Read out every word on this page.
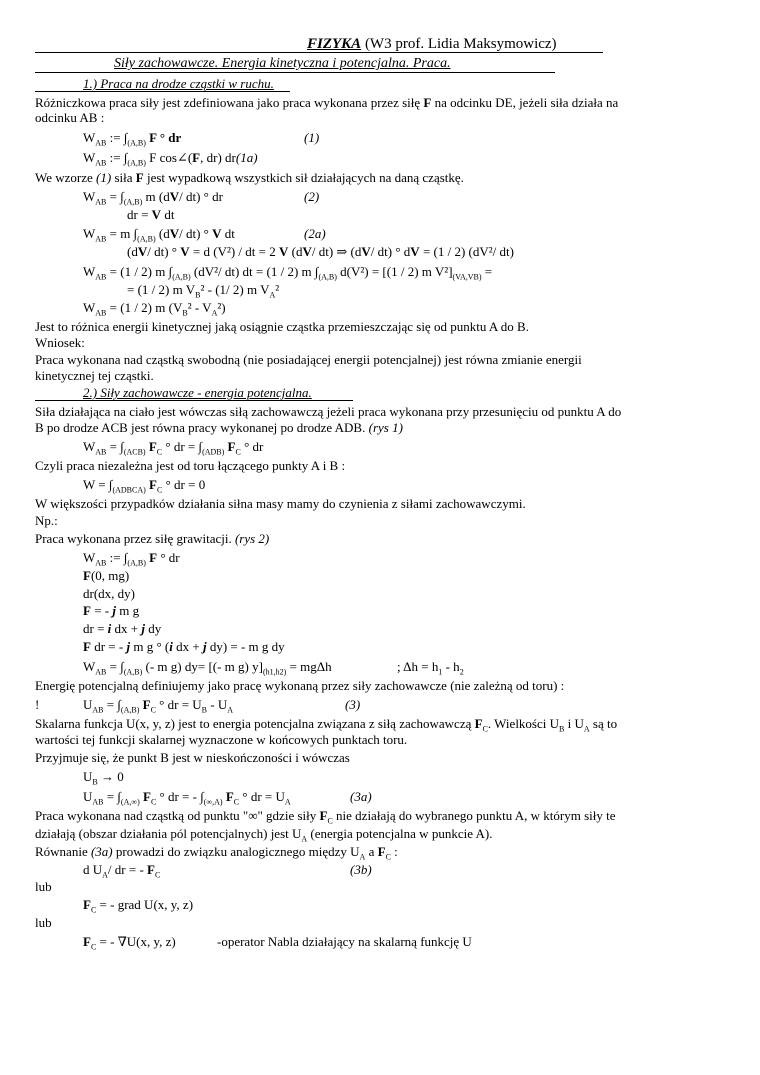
FIZYKA (W3 prof. Lidia Maksymowicz)
Siły zachowawcze. Energia kinetyczna i potencjalna. Praca.
1.) Praca na drodze cząstki w ruchu.
Różniczkowa praca siły jest zdefiniowana jako praca wykonana przez siłę F na odcinku DE, jeżeli siła działa na
odcinku AB :
$W_{AB}$ := $\int_{(A,B)}$ F ° dr	(1)
$W_{AB}$ := $\int_{(A,B)}$ F cos∠(F, dr) dr(1a)
We wzorze (1) siła F jest wypadkową wszystkich sił działających na daną cząstkę.
$W_{AB} = \int_{(A,B)}$ m (dV/ dt) ° dr	(2)
dr = V dt
$W_{AB} = m$ $\int_{(A,B)}$ (dV/ dt) ° V dt	(2a)
(dV/ dt) ° V = d (V²) / dt = 2 V (dV/ dt) ⇒ (dV/ dt) ° dV = (1 / 2) (dV²/ dt)
$W_{AB} = (1 / 2)$ m $\int_{(A,B)}$ (dV²/ dt) dt = (1 / 2) m $\int_{(A,B)}$ d(V²) = [(1 / 2) m $V^2]_{(VA,VB)}$ =
= (1 / 2) m $V_B^2 - (1/$ 2) m $V_A^2$
$W_{AB} = (1 / 2)$ m $(V_B^2 - V_A^2)$
Jest to różnica energii kinetycznej jaką osiągnie cząstka przemieszczając się od punktu A do B.
Wniosek:
Praca wykonana nad cząstką swobodną (nie posiadającej energii potencjalnej) jest równa zmianie energii
kinetycznej tej cząstki.
2.) Siły zachowawcze - energia potencjalna.
Siła działająca na ciało jest wówczas siłą zachowawczą jeżeli praca wykonana przy przesunięciu od punktu A do
B po drodze ACB jest równa pracy wykonanej po drodze ADB. (rys 1)
$W_{AB} = \int_{(ACB)}$ $F_C$ ° dr = $\int_{(ADB)}$ $F_C$ ° dr
Czyli praca niezależna jest od toru łączącego punkty A i B :
$W = \int_{(ADBCA)}$ $F_C$ ° dr = 0
W większości przypadków działania siłna masy mamy do czynienia z siłami zachowawczymi.
Np.:
Praca wykonana przez siłę grawitacji. (rys 2)
$W_{AB}$ := $\int_{(A,B)}$ F ° dr
F(0, mg)
dr(dx, dy)
F = - j m g
dr = i dx + j dy
F dr = - j m g ° (i dx + j dy) = - m g dy
$W_{AB} = \int_{(A,B)}$ (- m g) dy= [(- m g) $y]_{(h1,h2)} = mg\Delta h$	; $\Delta h = h_1 - h_2$
Energię potencjalną definiujemy jako pracę wykonaną przez siły zachowawcze (nie zależną od toru) :
!	$U_{AB} = \int_{(A,B)}$ $F_C$ ° dr = $U_B - U_A$	(3)
Skalarna funkcja U(x, y, z) jest to energia potencjalna związana z siłą zachowawczą $F_C$. Wielkości $U_B$ i $U_A$ są to
wartości tej funkcji skalarnej wyznaczone w końcowych punktach toru.
Przyjmuje się, że punkt B jest w nieskończoności i wówczas
$U_B \to 0$
$U_{AB} = \int_{(A,\infty)}$ $F_C$ ° dr = - $\int_{(\infty,A)}$ $F_C$ ° dr = $U_A$	(3a)
Praca wykonana nad cząstką od punktu "∞" gdzie siły $F_C$ nie działają do wybranego punktu A, w którym siły te
działają (obszar działania pól potencjalnych) jest $U_A$ (energia potencjalna w punkcie A).
Równanie (3a) prowadzi do związku analogicznego między $U_A$ a $F_C$ :
d $U_A/$ dr = - $F_C$	(3b)
lub
$F_C$ = - grad U(x, y, z)
lub
$F_C$ = - ∇U(x, y, z)	-operator Nabla działający na skalarną funkcję U
